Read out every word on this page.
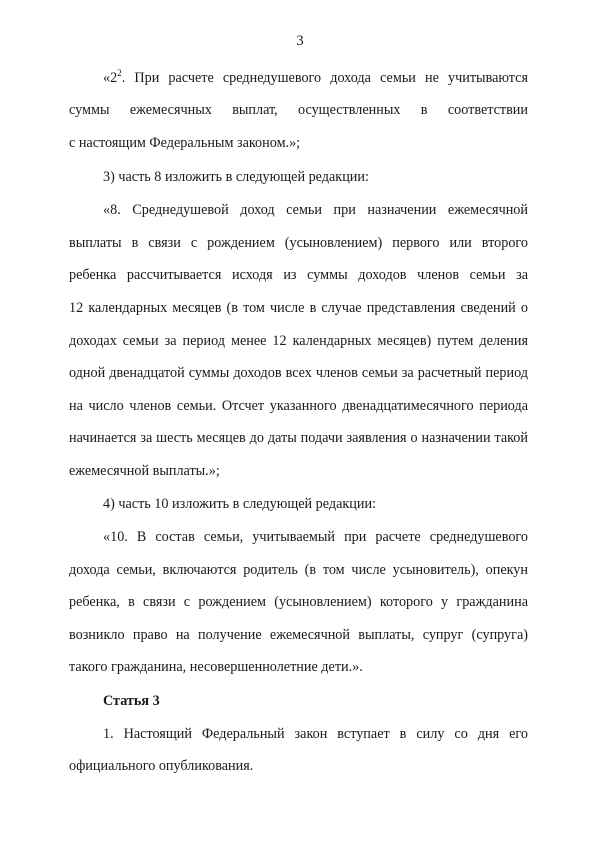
3
«$2^2$. При расчете среднедушевого дохода семьи не учитываются
суммы ежемесячных выплат, осуществленных в соответствии
с настоящим Федеральным законом.»;
3) часть 8 изложить в следующей редакции:
«8. Среднедушевой доход семьи при назначении ежемесячной
выплаты в связи с рождением (усыновлением) первого или второго
ребенка рассчитывается исходя из суммы доходов членов семьи за
12 календарных месяцев (в том числе в случае представления сведений о
доходах семьи за период менее 12 календарных месяцев) путем деления
одной двенадцатой суммы доходов всех членов семьи за расчетный период
на число членов семьи. Отсчет указанного двенадцатимесячного периода
начинается за шесть месяцев до даты подачи заявления о назначении такой
ежемесячной выплаты.»;
4) часть 10 изложить в следующей редакции:
«10. В состав семьи, учитываемый при расчете среднедушевого
дохода семьи, включаются родитель (в том числе усыновитель), опекун
ребенка, в связи с рождением (усыновлением) которого у гражданина
возникло право на получение ежемесячной выплаты, супруг (супруга)
такого гражданина, несовершеннолетние дети.».
Статья 3
1. Настоящий Федеральный закон вступает в силу со дня его
официального опубликования.
